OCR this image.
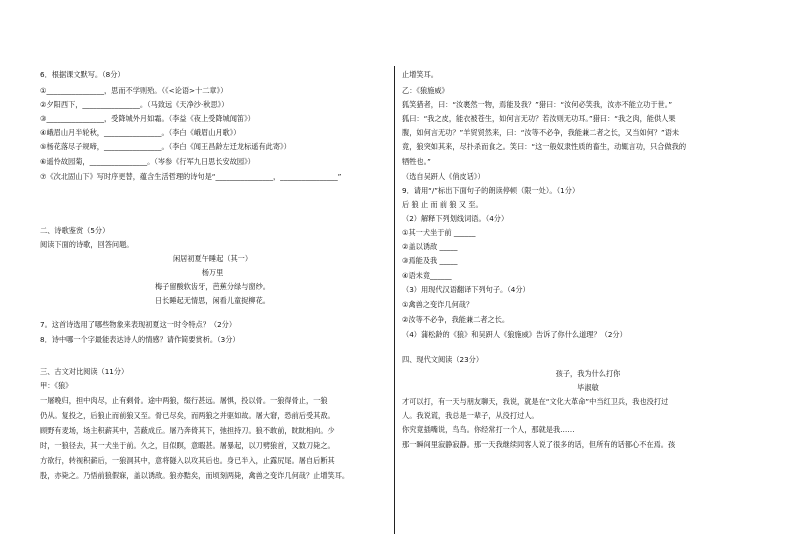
6．根据课文默写。（8分）
①________________，思而不学则殆。（《<论语>十二章》）
②夕阳西下，________________。（马致远《天净沙·秋思》）
③________________，受降城外月如霜。（李益《夜上受降城闻笛》）
④峨眉山月半轮秋，________________。（李白《峨眉山月歌》）
⑤杨花落尽子规啼，________________。（李白《闻王昌龄左迁龙标遥有此寄》）
⑥遥怜故园菊，________________。（岑参《行军九日思长安故园》）
⑦《次北固山下》写时序更替，蕴含生活哲理的诗句是“________________，________________”
二、诗歌鉴赏（5分）
阅读下面的诗歌，回答问题。
闲居初夏午睡起（其一）
杨万里
梅子留酸软齿牙，芭蕉分绿与窗纱。
日长睡起无情思，闲看儿童捉柳花。
7。这首诗选用了哪些物象来表现初夏这一时令特点？（2分）
8．诗中哪一个字最能表达诗人的情感？请作简要赏析。（3分）
三、古文对比阅读（11分）
甲：《狼》
一屠晚归，担中肉尽，止有剩骨。途中两狼，缀行甚远。屠惧，投以骨。一狼得骨止，一狼
仍从。复投之，后狼止而前狼又至。骨已尽矣，而两狼之并驱如故。屠大窘，恐前后受其敌。
顾野有麦场，场主积薪其中，苫蔽成丘。屠乃奔倚其下，弛担持刀。狼不敢前，眈眈相向。少
时，一狼径去，其一犬坐于前。久之，目似瞑，意暇甚。屠暴起，以刀劈狼首，又数刀毙之。
方欲行，转视积薪后，一狼洞其中，意将隧入以攻其后也。身已半入，止露尻尾。屠自后断其
股，亦毙之。乃悟前狼假寐，盖以诱敌。狼亦黠矣，而顷刻两毙，禽兽之变诈几何哉？止增笑耳。
止增笑耳。
乙：《狼施威》
狐笑猎者，曰：“汝裹然一物，焉能及我？”猎曰：“汝何必笑我，汝亦不能立功于世。”
狐曰：“我之皮，能衣被苍生，如何言无功？若汝则无功耳。”猎曰：“我之肉，能供人果
腹，如何言无功？”羊贸贸然来，曰：“汝等不必争，我能兼二者之长，又当如何？”语未
竟，狼突如其来，尽扑杀而食之。笑曰：“这一般奴隶性质的畜生，动辄言功，只合做我的
牺牲也。”
（选自吴趼人《俏皮话》）
9．请用“/”标出下面句子的朗读停顿（限一处）。（1分）
后 狼 止 而 前 狼 又 至。
（2）解释下列划线词语。（4分）
①其一犬坐于前 ______
②盖以诱敌 _____
③焉能及我 _____
④语未竟______
（3）用现代汉语翻译下列句子。（4分）
①禽兽之变诈几何哉？
②汝等不必争，我能兼二者之长。
（4）蒲松龄的《狼》和吴趼人《狼施威》告诉了你什么道理？（2分）
四、现代文阅读（23分）
孩子，我为什么打你
毕淑敏
才可以打，有一天与朋友聊天，我说，就是在“文化大革命”中当红卫兵，我也没打过
人。我说谎，我总是一辈子，从没打过人。
你究竟插嘴说，鸟鸟。你经常打一个人，那就是我……
那一瞬间里寂静寂静。那一天我继续同客人说了很多的话，但所有的话都心不在焉。孩
